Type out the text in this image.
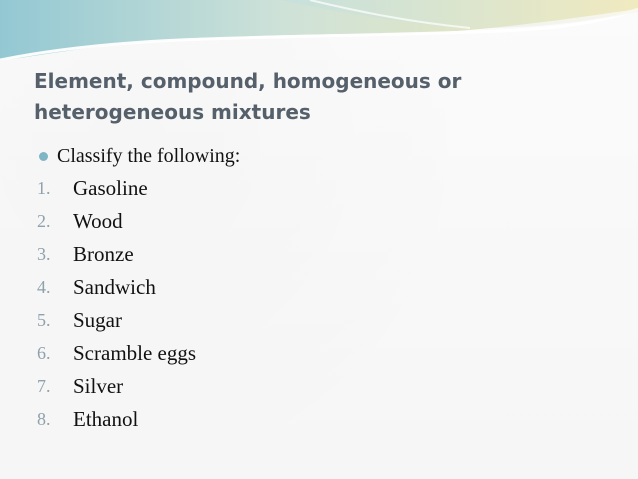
Element, compound, homogeneous or
heterogeneous mixtures
Classify the following:
1.	Gasoline
2.	Wood
3.	Bronze
4.	Sandwich
5.	Sugar
6.	Scramble eggs
7.	Silver
8.	Ethanol
